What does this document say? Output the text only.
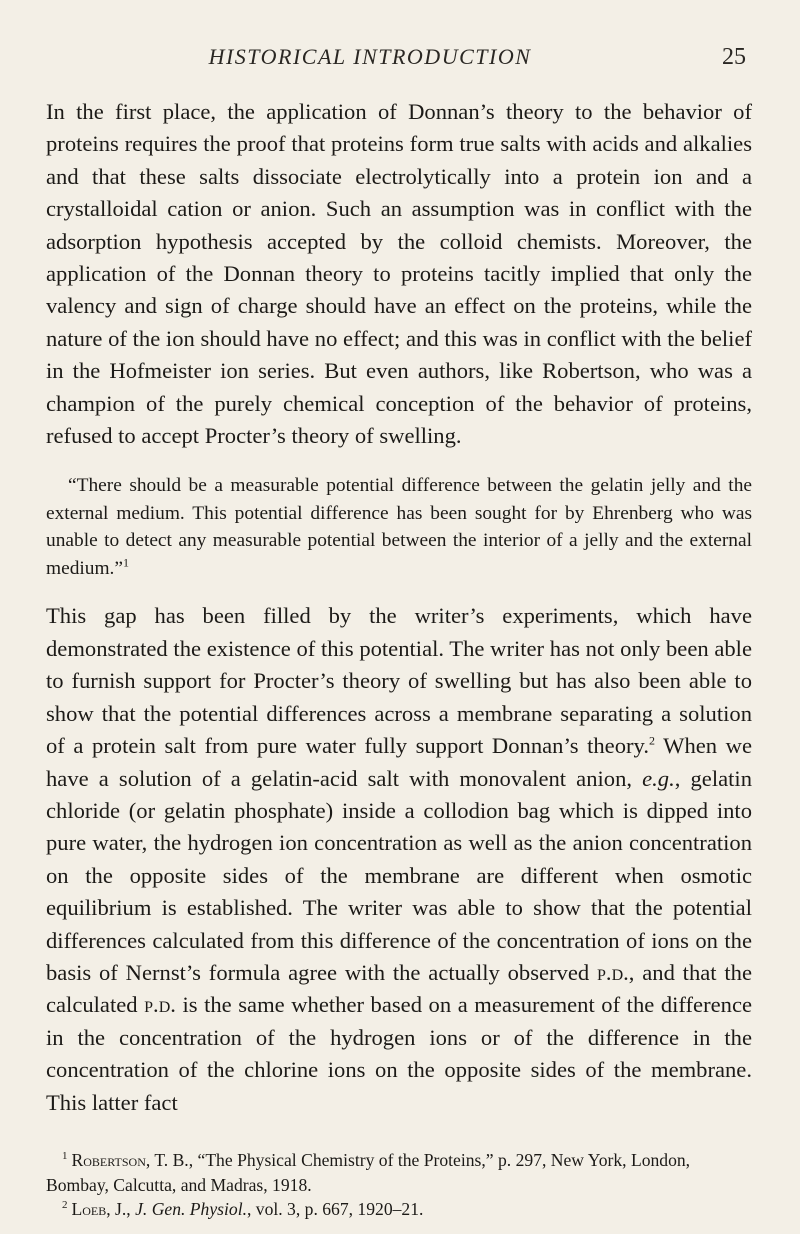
HISTORICAL INTRODUCTION	25

In the first place, the application of Donnan’s theory to the behavior of proteins requires the proof that proteins form true salts with acids and alkalies and that these salts dissociate electrolytically into a protein ion and a crystalloidal cation or anion. Such an assumption was in conflict with the adsorption hypothesis accepted by the colloid chemists. Moreover, the application of the Donnan theory to proteins tacitly implied that only the valency and sign of charge should have an effect on the proteins, while the nature of the ion should have no effect; and this was in conflict with the belief in the Hofmeister ion series. But even authors, like Robertson, who was a champion of the purely chemical conception of the behavior of proteins, refused to accept Procter’s theory of swelling.

“There should be a measurable potential difference between the gelatin jelly and the external medium. This potential difference has been sought for by Ehrenberg who was unable to detect any measurable potential between the interior of a jelly and the external medium.”$^1$

This gap has been filled by the writer’s experiments, which have demonstrated the existence of this potential. The writer has not only been able to furnish support for Procter’s theory of swelling but has also been able to show that the potential differences across a membrane separating a solution of a protein salt from pure water fully support Donnan’s theory.$^2$ When we have a solution of a gelatin-acid salt with monovalent anion, e.g., gelatin chloride (or gelatin phosphate) inside a collodion bag which is dipped into pure water, the hydrogen ion concentration as well as the anion concentration on the opposite sides of the membrane are different when osmotic equilibrium is established. The writer was able to show that the potential differences calculated from this difference of the concentration of ions on the basis of Nernst’s formula agree with the actually observed p.d., and that the calculated p.d. is the same whether based on a measurement of the difference in the concentration of the hydrogen ions or of the difference in the concentration of the chlorine ions on the opposite sides of the membrane. This latter fact

$^1$ Robertson, T. B., “The Physical Chemistry of the Proteins,” p. 297, New York, London, Bombay, Calcutta, and Madras, 1918.

$^2$ Loeb, J., J. Gen. Physiol., vol. 3, p. 667, 1920–21.
